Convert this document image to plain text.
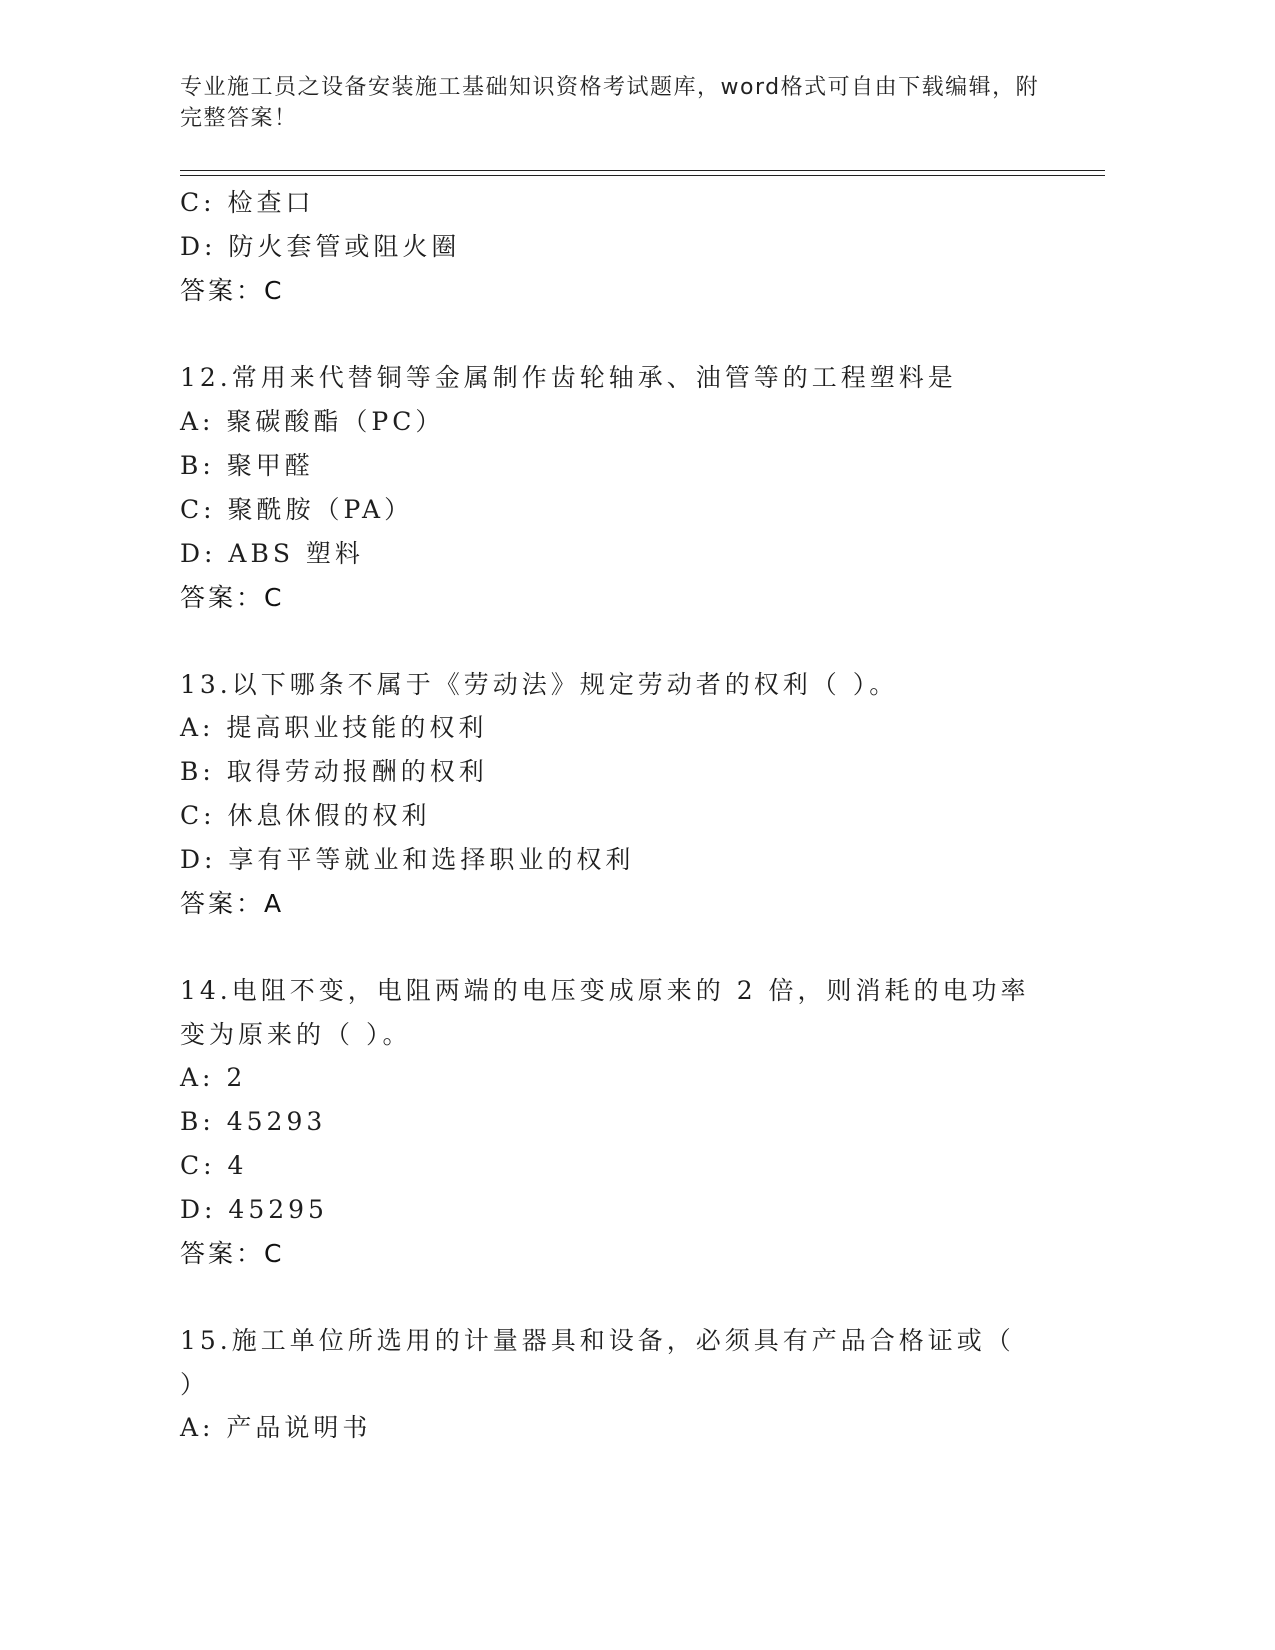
专业施工员之设备安装施工基础知识资格考试题库，word格式可自由下载编辑，附完整答案！
C: 检查口
D: 防火套管或阻火圈
答案：C
12.常用来代替铜等金属制作齿轮轴承、油管等的工程塑料是
A: 聚碳酸酯（PC）
B: 聚甲醛
C: 聚酰胺（PA）
D: ABS 塑料
答案：C
13.以下哪条不属于《劳动法》规定劳动者的权利（ ）。
A: 提高职业技能的权利
B: 取得劳动报酬的权利
C: 休息休假的权利
D: 享有平等就业和选择职业的权利
答案：A
14.电阻不变，电阻两端的电压变成原来的 2 倍，则消耗的电功率变为原来的（ ）。
A: 2
B: 45293
C: 4
D: 45295
答案：C
15.施工单位所选用的计量器具和设备，必须具有产品合格证或（ ）
A: 产品说明书
